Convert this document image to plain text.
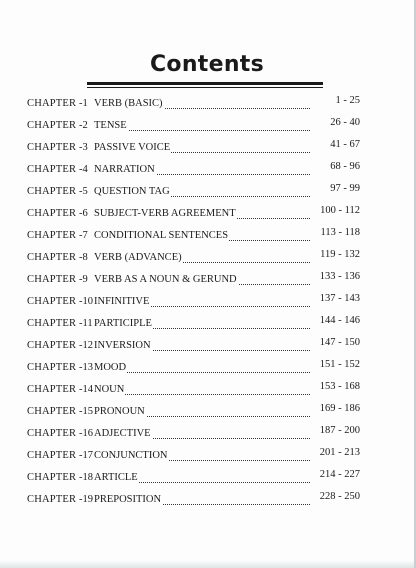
Contents
CHAPTER -1 VERB (BASIC)	1 - 25
CHAPTER -2 TENSE	26 - 40
CHAPTER -3 PASSIVE VOICE	41 - 67
CHAPTER -4 NARRATION	68 - 96
CHAPTER -5 QUESTION TAG	97 - 99
CHAPTER -6 SUBJECT-VERB AGREEMENT	100 - 112
CHAPTER -7 CONDITIONAL SENTENCES	113 - 118
CHAPTER -8 VERB (ADVANCE)	119 - 132
CHAPTER -9 VERB AS A NOUN & GERUND	133 - 136
CHAPTER -10 INFINITIVE	137 - 143
CHAPTER -11 PARTICIPLE	144 - 146
CHAPTER -12 INVERSION	147 - 150
CHAPTER -13 MOOD	151 - 152
CHAPTER -14 NOUN	153 - 168
CHAPTER -15 PRONOUN	169 - 186
CHAPTER -16 ADJECTIVE	187 - 200
CHAPTER -17 CONJUNCTION	201 - 213
CHAPTER -18 ARTICLE	214 - 227
CHAPTER -19 PREPOSITION	228 - 250
